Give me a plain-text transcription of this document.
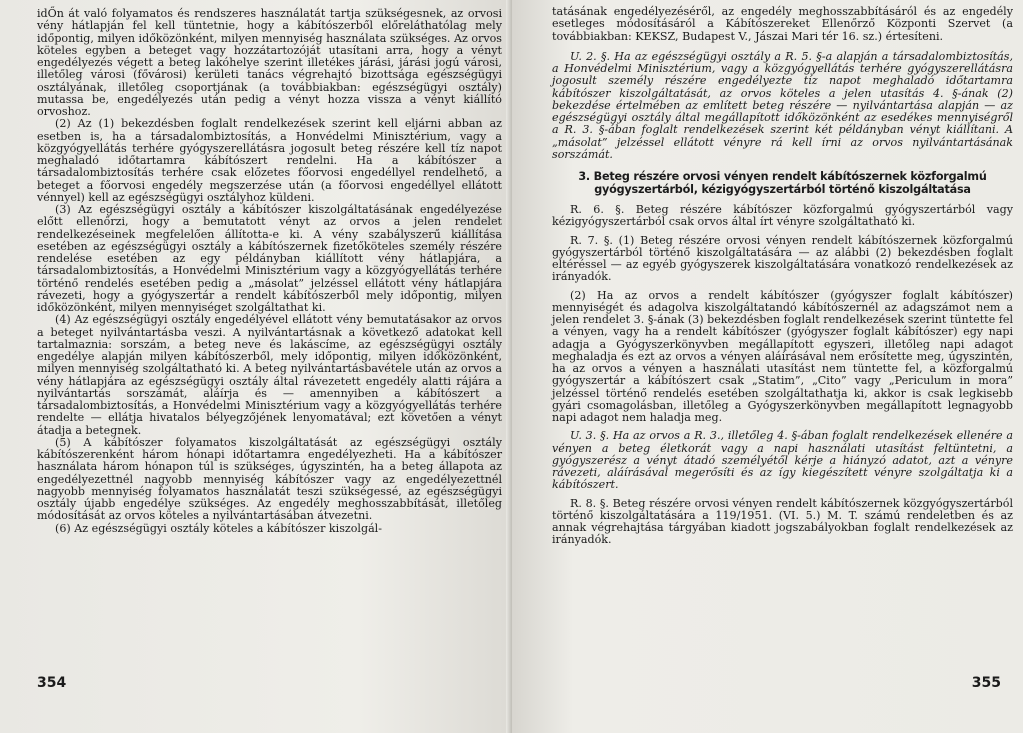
idŐn át való folyamatos és rendszeres használatát tartja szükségesnek, az orvosi vény hátlapján fel kell tüntetnie, hogy a kábítószerből előreláthatólag mely időpontig, milyen időközönként, milyen mennyiség használata szükséges. Az orvos köteles egyben a beteget vagy hozzátartozóját utasítani arra, hogy a vényt engedélyezés végett a beteg lakóhelye szerint illetékes járási, járási jogú városi, illetőleg városi (fővárosi) kerületi tanács végrehajtó bizottsága egészségügyi osztályának, illetőleg csoportjának (a továbbiakban: egészségügyi osztály) mutassa be, engedélyezés után pedig a vényt hozza vissza a vényt kiállító orvoshoz.

(2) Az (1) bekezdésben foglalt rendelkezések szerint kell eljárni abban az esetben is, ha a társadalombiztosítás, a Honvédelmi Minisztérium, vagy a közgyógyellátás terhére gyógyszerellátásra jogosult beteg részére kell tíz napot meghaladó időtartamra kábítószert rendelni. Ha a kábítószer a társadalombiztosítás terhére csak előzetes főorvosi engedéllyel rendelhető, a beteget a főorvosi engedély megszerzése után (a főorvosi engedéllyel ellátott vénnyel) kell az egészségügyi osztályhoz küldeni.

(3) Az egészségügyi osztály a kábítószer kiszolgáltatásának engedélyezése előtt ellenőrzi, hogy a bemutatott vényt az orvos a jelen rendelet rendelkezéseinek megfelelően állította-e ki. A vény szabályszerű kiállítása esetében az egészségügyi osztály a kábítószernek fizetőköteles személy részére rendelése esetében az egy példányban kiállított vény hátlapjára, a társadalombiztosítás, a Honvédelmi Minisztérium vagy a közgyógyellátás terhére történő rendelés esetében pedig a „másolat” jelzéssel ellátott vény hátlapjára rávezeti, hogy a gyógyszertár a rendelt kábítószerből mely időpontig, milyen időközönként, milyen mennyiséget szolgáltathat ki.

(4) Az egészségügyi osztály engedélyével ellátott vény bemutatásakor az orvos a beteget nyilvántartásba veszi. A nyilvántartásnak a következő adatokat kell tartalmaznia: sorszám, a beteg neve és lakáscíme, az egészségügyi osztály engedélye alapján milyen kábítószerből, mely időpontig, milyen időközönként, milyen mennyiség szolgáltatható ki. A beteg nyilvántartásbavétele után az orvos a vény hátlapjára az egészségügyi osztály által rávezetett engedély alatti rájára a nyilvántartás sorszámát, aláírja és — amennyiben a kábítószert a társadalombiztosítás, a Honvédelmi Minisztérium vagy a közgyógyellátás terhére rendelte — ellátja hivatalos bélyegzőjének lenyomatával; ezt követően a vényt átadja a betegnek.

(5) A kábítószer folyamatos kiszolgáltatását az egészségügyi osztály kábítószerenként három hónapi időtartamra engedélyezheti. Ha a kábítószer használata három hónapon túl is szükséges, úgyszintén, ha a beteg állapota az engedélyezettnél nagyobb mennyiség kábítószer vagy az engedélyezettnél nagyobb mennyiség folyamatos használatát teszi szükségessé, az egészségügyi osztály újabb engedélye szükséges. Az engedély meghosszabbítását, illetőleg módosítását az orvos köteles a nyilvántartásában átvezetni.

(6) Az egészségügyi osztály köteles a kábítószer kiszolgál-

354

tatásának engedélyezéséről, az engedély meghosszabbításáról és az engedély esetleges módosításáról a Kábítószereket Ellenőrző Központi Szervet (a továbbiakban: KEKSZ, Budapest V., Jászai Mari tér 16. sz.) értesíteni.

U. 2. §. Ha az egészségügyi osztály a R. 5. §-a alapján a társadalombiztosítás, a Honvédelmi Minisztérium, vagy a közgyógyellátás terhére gyógyszerellátásra jogosult személy részére engedélyezte tíz napot meghaladó időtartamra kábítószer kiszolgáltatását, az orvos köteles a jelen utasítás 4. §-ának (2) bekezdése értelmében az említett beteg részére — nyilvántartása alapján — az egészségügyi osztály által megállapított időközönként az esedékes mennyiségről a R. 3. §-ában foglalt rendelkezések szerint két példányban vényt kiállítani. A „másolat” jelzéssel ellátott vényre rá kell írni az orvos nyilvántartásának sorszámát.

3. Beteg részére orvosi vényen rendelt kábítószernek közforgalmú gyógyszertárból, kézigyógyszertárból történő kiszolgáltatása

R. 6. §. Beteg részére kábítószer közforgalmú gyógyszertárból vagy kézigyógyszertárból csak orvos által írt vényre szolgáltatható ki.

R. 7. §. (1) Beteg részére orvosi vényen rendelt kábítószernek közforgalmú gyógyszertárból történő kiszolgáltatására — az alábbi (2) bekezdésben foglalt eltéréssel — az egyéb gyógyszerek kiszolgáltatására vonatkozó rendelkezések az irányadók.

(2) Ha az orvos a rendelt kábítószer (gyógyszer foglalt kábítószer) mennyiségét és adagolva kiszolgáltatandó kábítószernél az adagszámot nem a jelen rendelet 3. §-ának (3) bekezdésben foglalt rendelkezések szerint tüntette fel a vényen, vagy ha a rendelt kábítószer (gyógyszer foglalt kábítószer) egy napi adagja a Gyógyszerkönyvben megállapított egyszeri, illetőleg napi adagot meghaladja és ezt az orvos a vényen aláírásával nem erősítette meg, úgyszintén, ha az orvos a vényen a használati utasítást nem tüntette fel, a közforgalmú gyógyszertár a kábítószert csak „Statim”, „Cito” vagy „Periculum in mora” jelzéssel történő rendelés esetében szolgáltathatja ki, akkor is csak legkisebb gyári csomagolásban, illetőleg a Gyógyszerkönyvben megállapított legnagyobb napi adagot nem haladja meg.

U. 3. §. Ha az orvos a R. 3., illetőleg 4. §-ában foglalt rendelkezések ellenére a vényen a beteg életkorát vagy a napi használati utasítást feltüntetni, a gyógyszerész a vényt átadó személyétől kérje a hiányzó adatot, azt a vényre rávezeti, aláírásával megerősíti és az így kiegészített vényre szolgáltatja ki a kábítószert.

R. 8. §. Beteg részére orvosi vényen rendelt kábítószernek közgyógyszertárból történő kiszolgáltatására a 119/1951. (VI. 5.) M. T. számú rendeletben és az annak végrehajtása tárgyában kiadott jogszabályokban foglalt rendelkezések az irányadók.

355
